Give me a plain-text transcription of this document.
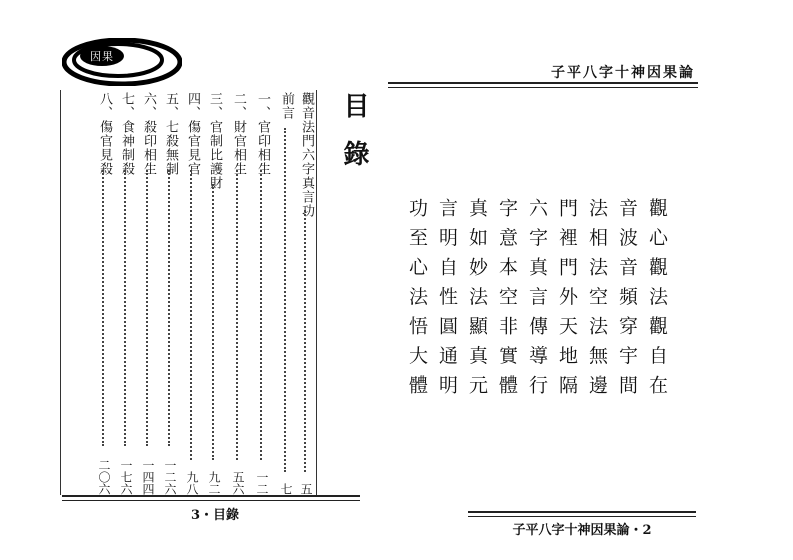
因果
觀音法門六字真言功
五
前言
七
一、官印相生
一二
二、財官相生
五六
三、官制比護財
九二
四、傷官見官
九八
五、七殺無制
一二六
六、殺印相生
一四四
七、食神制殺
一七六
八、傷官見殺
二〇六
目錄
3・目錄
子平八字十神因果論
觀心觀法觀自在
音波音頻穿宇間
法相法空法無邊
門裡門外天地隔
六字真言傳導行
字意本空非實體
真如妙法顯真元
言明自性圓通明
功至心法悟大體
子平八字十神因果論・2
